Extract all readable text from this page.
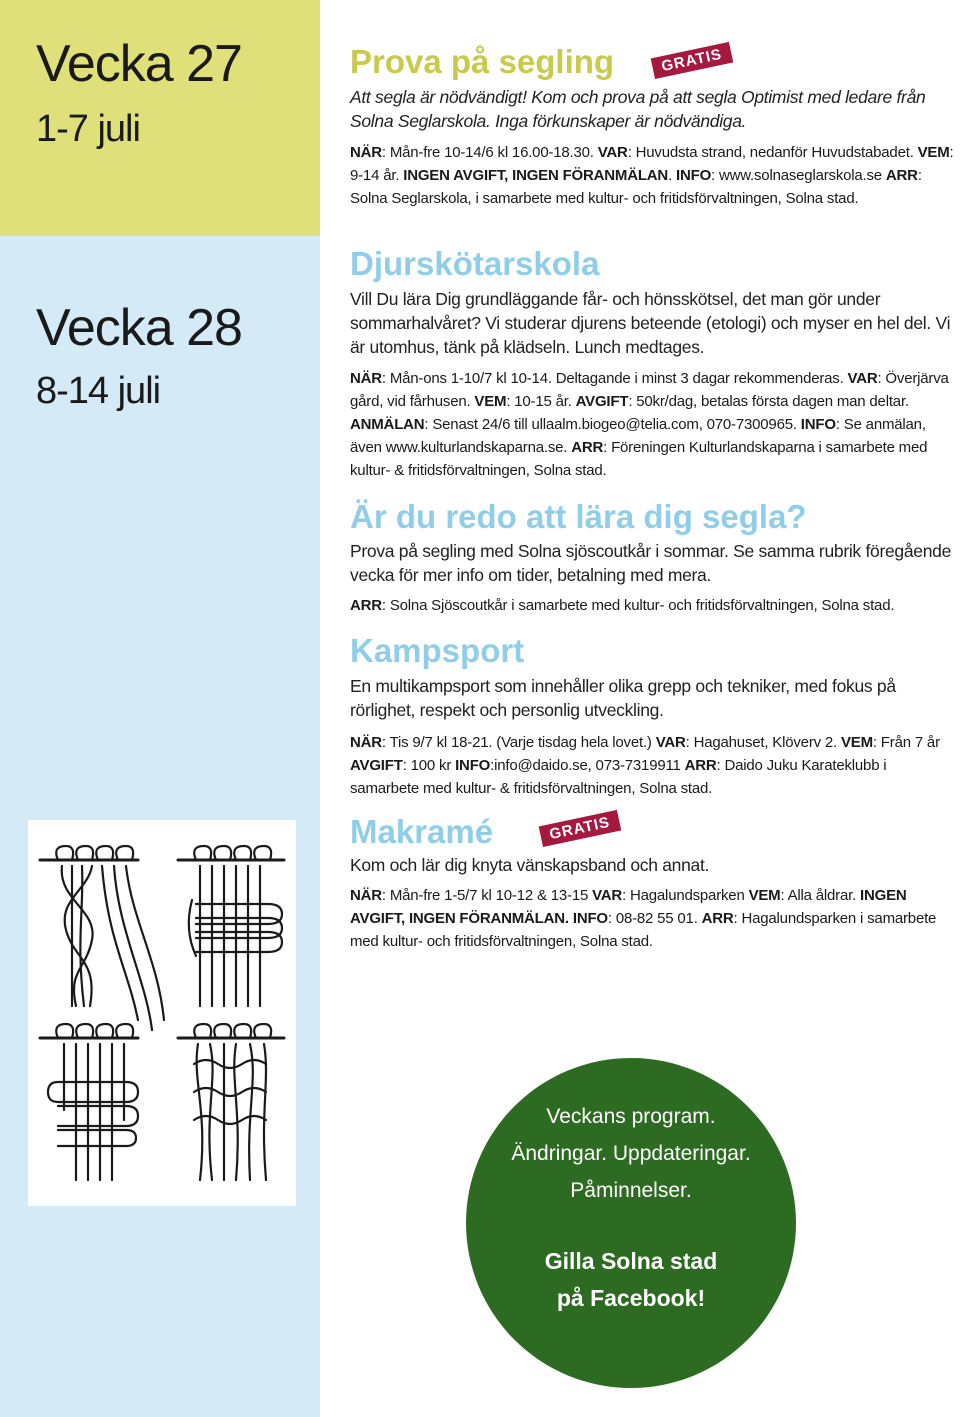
Vecka 27
1-7 juli
Vecka 28
8-14 juli
Prova på segling	GRATIS
Att segla är nödvändigt! Kom och prova på att segla Optimist med ledare från Solna Seglarskola. Inga förkunskaper är nödvändiga.
NÄR: Mån-fre 10-14/6 kl 16.00-18.30. VAR: Huvudsta strand, nedanför Huvudstabadet. VEM: 9-14 år. INGEN AVGIFT, INGEN FÖRANMÄLAN. INFO: www.solnaseglarskola.se ARR: Solna Seglarskola, i samarbete med kultur- och fritidsförvaltningen, Solna stad.
Djurskötarskola
Vill Du lära Dig grundläggande får- och hönsskötsel, det man gör under sommarhalvåret? Vi studerar djurens beteende (etologi) och myser en hel del. Vi är utomhus, tänk på klädseln. Lunch medtages.
NÄR: Mån-ons 1-10/7 kl 10-14. Deltagande i minst 3 dagar rekommenderas. VAR: Överjärva gård, vid fårhusen. VEM: 10-15 år. AVGIFT: 50kr/dag, betalas första dagen man deltar. ANMÄLAN: Senast 24/6 till ullaalm.biogeo@telia.com, 070-7300965. INFO: Se anmälan, även www.kulturlandskaparna.se. ARR: Föreningen Kulturlandskaparna i samarbete med kultur- & fritidsförvaltningen, Solna stad.
Är du redo att lära dig segla?
Prova på segling med Solna sjöscoutkår i sommar. Se samma rubrik föregående vecka för mer info om tider, betalning med mera.
ARR: Solna Sjöscoutkår i samarbete med kultur- och fritidsförvaltningen, Solna stad.
Kampsport
En multikampsport som innehåller olika grepp och tekniker, med fokus på rörlighet, respekt och personlig utveckling.
NÄR: Tis 9/7 kl 18-21. (Varje tisdag hela lovet.) VAR: Hagahuset, Klöverv 2. VEM: Från 7 år AVGIFT: 100 kr INFO:info@daido.se, 073-7319911 ARR: Daido Juku Karateklubb i samarbete med kultur- & fritidsförvaltningen, Solna stad.
Makramé	GRATIS
Kom och lär dig knyta vänskapsband och annat.
NÄR: Mån-fre 1-5/7 kl 10-12 & 13-15 VAR: Hagalundsparken VEM: Alla åldrar. INGEN AVGIFT, INGEN FÖRANMÄLAN. INFO: 08-82 55 01. ARR: Hagalundsparken i samarbete med kultur- och fritidsförvaltningen, Solna stad.
Veckans program.
Ändringar. Uppdateringar.
Påminnelser.
Gilla Solna stad
på Facebook!
